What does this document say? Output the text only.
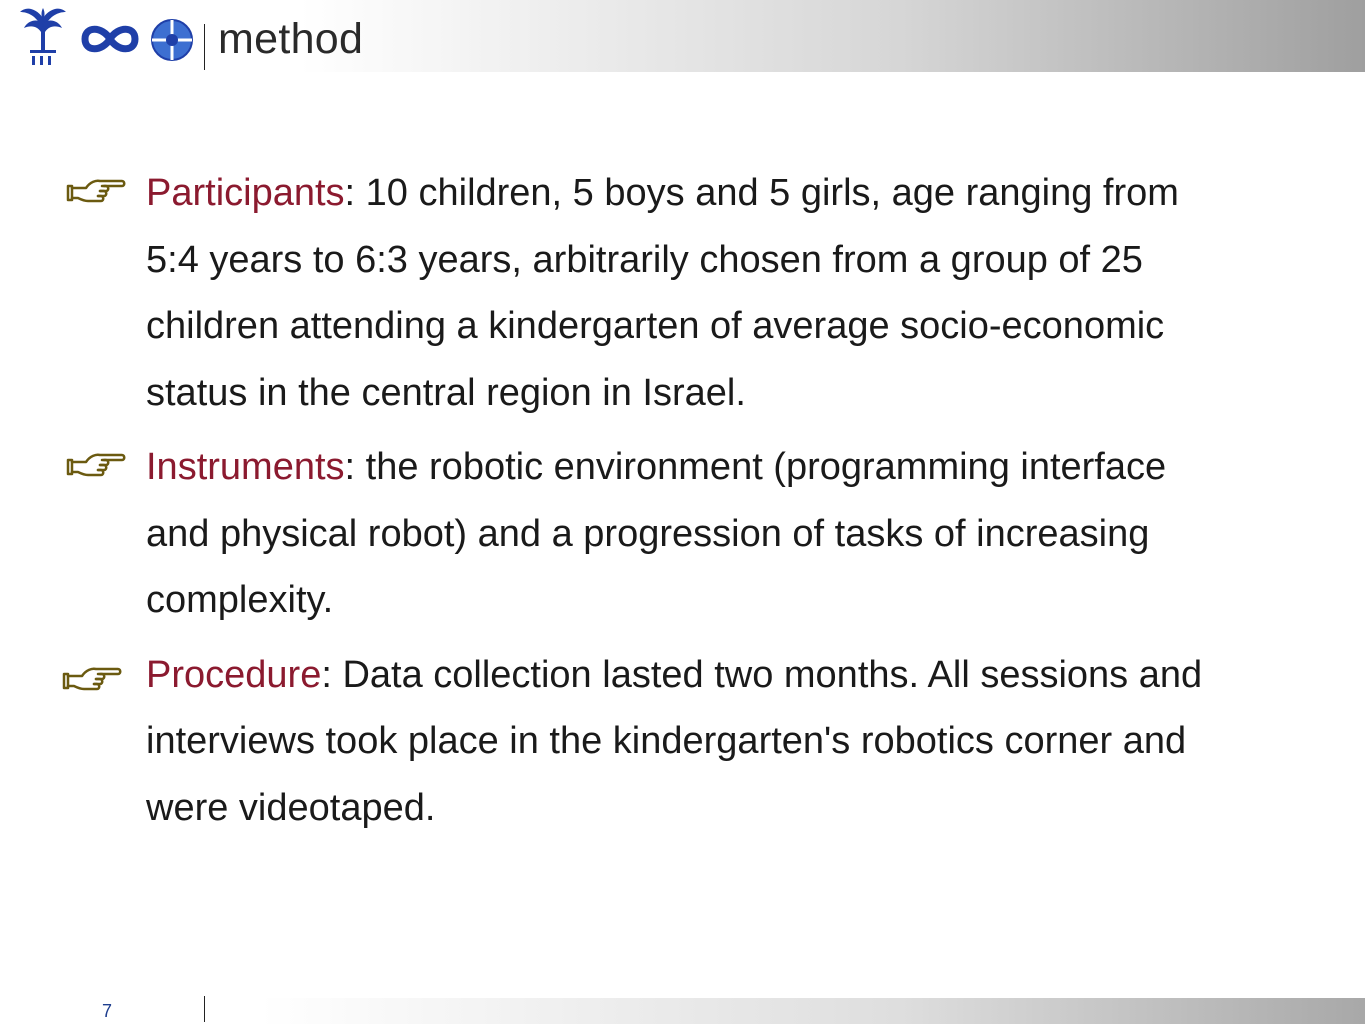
method
Participants: 10 children, 5 boys and 5 girls, age ranging from 5:4 years to 6:3 years, arbitrarily chosen from a group of 25 children attending a kindergarten of average socio-economic status in the central region in Israel.
Instruments: the robotic environment (programming interface and physical robot) and a progression of tasks of increasing complexity.
Procedure: Data collection lasted two months. All sessions and interviews took place in the kindergarten's robotics corner and were videotaped.
7
